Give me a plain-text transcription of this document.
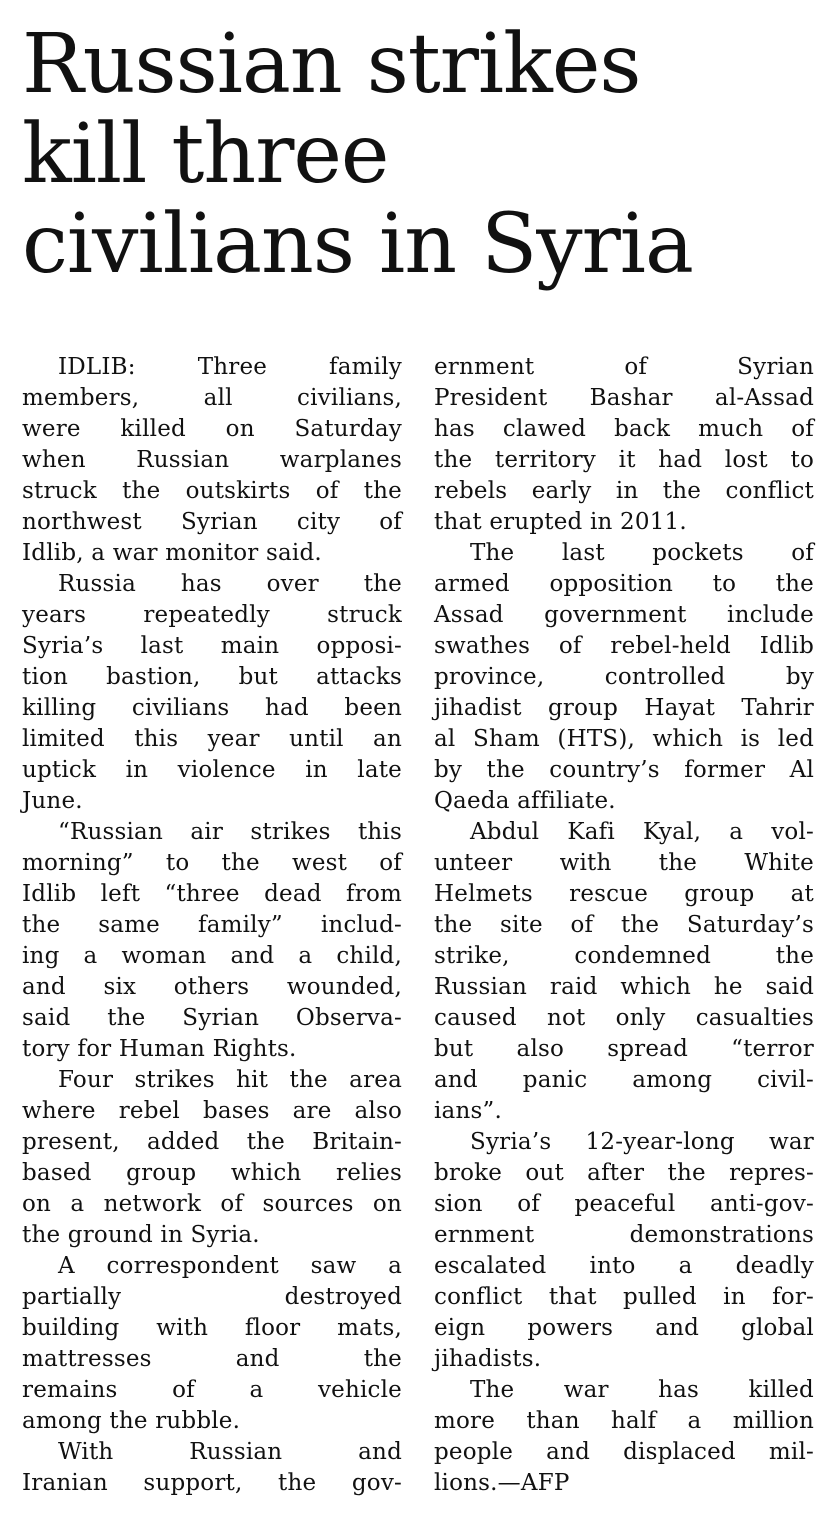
Russian strikes
kill three
civilians in Syria
IDLIB: Three family
members, all civilians,
were killed on Saturday
when Russian warplanes
struck the outskirts of the
northwest Syrian city of
Idlib, a war monitor said.
Russia has over the
years repeatedly struck
Syria’s last main opposi-
tion bastion, but attacks
killing civilians had been
limited this year until an
uptick in violence in late
June.
“Russian air strikes this
morning” to the west of
Idlib left “three dead from
the same family” includ-
ing a woman and a child,
and six others wounded,
said the Syrian Observa-
tory for Human Rights.
Four strikes hit the area
where rebel bases are also
present, added the Britain-
based group which relies
on a network of sources on
the ground in Syria.
A correspondent saw a
partially destroyed
building with floor mats,
mattresses and the
remains of a vehicle
among the rubble.
With Russian and
Iranian support, the gov-
ernment of Syrian
President Bashar al-Assad
has clawed back much of
the territory it had lost to
rebels early in the conflict
that erupted in 2011.
The last pockets of
armed opposition to the
Assad government include
swathes of rebel-held Idlib
province, controlled by
jihadist group Hayat Tahrir
al Sham (HTS), which is led
by the country’s former Al
Qaeda affiliate.
Abdul Kafi Kyal, a vol-
unteer with the White
Helmets rescue group at
the site of the Saturday’s
strike, condemned the
Russian raid which he said
caused not only casualties
but also spread “terror
and panic among civil-
ians”.
Syria’s 12-year-long war
broke out after the repres-
sion of peaceful anti-gov-
ernment demonstrations
escalated into a deadly
conflict that pulled in for-
eign powers and global
jihadists.
The war has killed
more than half a million
people and displaced mil-
lions.—AFP
